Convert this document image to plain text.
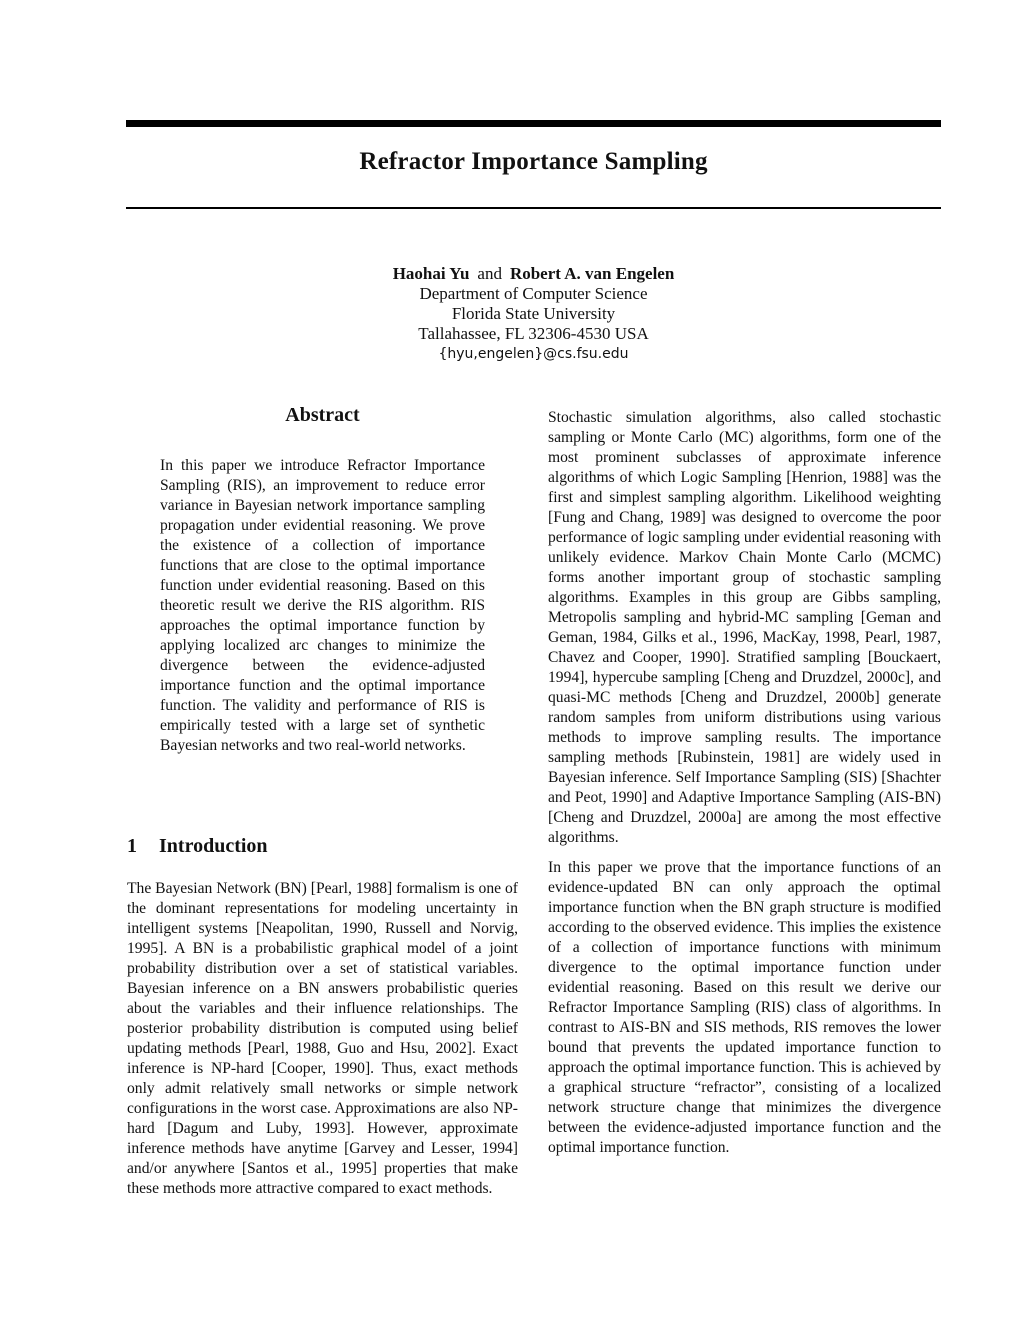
Refractor Importance Sampling
Haohai Yu and Robert A. van Engelen
Department of Computer Science
Florida State University
Tallahassee, FL 32306-4530 USA
{hyu,engelen}@cs.fsu.edu
Abstract
In this paper we introduce Refractor Importance Sampling (RIS), an improvement to reduce error variance in Bayesian network importance sampling propagation under evidential reasoning. We prove the existence of a collection of importance functions that are close to the optimal importance function under evidential reasoning. Based on this theoretic result we derive the RIS algorithm. RIS approaches the optimal importance function by applying localized arc changes to minimize the divergence between the evidence-adjusted importance function and the optimal importance function. The validity and performance of RIS is empirically tested with a large set of synthetic Bayesian networks and two real-world networks.
1 Introduction
The Bayesian Network (BN) [Pearl, 1988] formalism is one of the dominant representations for modeling uncertainty in intelligent systems [Neapolitan, 1990, Russell and Norvig, 1995]. A BN is a probabilistic graphical model of a joint probability distribution over a set of statistical variables. Bayesian inference on a BN answers probabilistic queries about the variables and their influence relationships. The posterior probability distribution is computed using belief updating methods [Pearl, 1988, Guo and Hsu, 2002]. Exact inference is NP-hard [Cooper, 1990]. Thus, exact methods only admit relatively small networks or simple network configurations in the worst case. Approximations are also NP-hard [Dagum and Luby, 1993]. However, approximate inference methods have anytime [Garvey and Lesser, 1994] and/or anywhere [Santos et al., 1995] properties that make these methods more attractive compared to exact methods.

Stochastic simulation algorithms, also called stochastic sampling or Monte Carlo (MC) algorithms, form one of the most prominent subclasses of approximate inference algorithms of which Logic Sampling [Henrion, 1988] was the first and simplest sampling algorithm. Likelihood weighting [Fung and Chang, 1989] was designed to overcome the poor performance of logic sampling under evidential reasoning with unlikely evidence. Markov Chain Monte Carlo (MCMC) forms another important group of stochastic sampling algorithms. Examples in this group are Gibbs sampling, Metropolis sampling and hybrid-MC sampling [Geman and Geman, 1984, Gilks et al., 1996, MacKay, 1998, Pearl, 1987, Chavez and Cooper, 1990]. Stratified sampling [Bouckaert, 1994], hypercube sampling [Cheng and Druzdzel, 2000c], and quasi-MC methods [Cheng and Druzdzel, 2000b] generate random samples from uniform distributions using various methods to improve sampling results. The importance sampling methods [Rubinstein, 1981] are widely used in Bayesian inference. Self Importance Sampling (SIS) [Shachter and Peot, 1990] and Adaptive Importance Sampling (AIS-BN) [Cheng and Druzdzel, 2000a] are among the most effective algorithms.

In this paper we prove that the importance functions of an evidence-updated BN can only approach the optimal importance function when the BN graph structure is modified according to the observed evidence. This implies the existence of a collection of importance functions with minimum divergence to the optimal importance function under evidential reasoning. Based on this result we derive our Refractor Importance Sampling (RIS) class of algorithms. In contrast to AIS-BN and SIS methods, RIS removes the lower bound that prevents the updated importance function to approach the optimal importance function. This is achieved by a graphical structure “refractor”, consisting of a localized network structure change that minimizes the divergence between the evidence-adjusted importance function and the optimal importance function.
